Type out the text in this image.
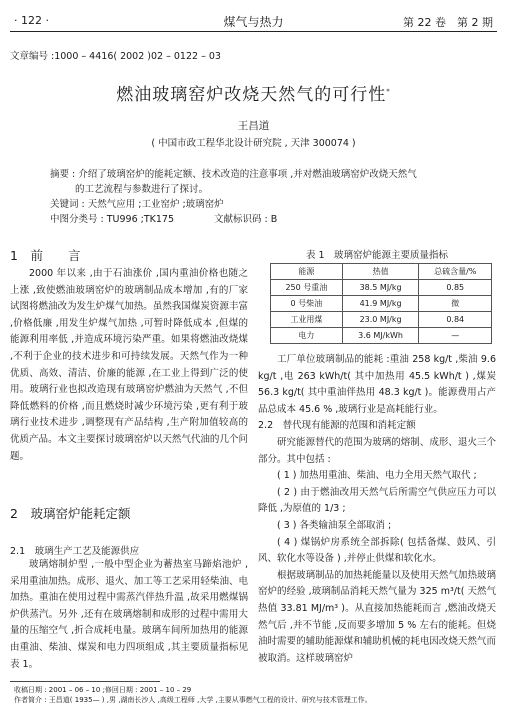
· 122 ·	煤气与热力	第 22 卷　第 2 期
文章编号 :1000 – 4416( 2002 )02 – 0122 – 03
燃油玻璃窑炉改烧天然气的可行性*
王昌道
( 中国市政工程华北设计研究院 , 天津 300074 )
摘要 : 介绍了玻璃窑炉的能耗定额、技术改造的注意事项 ,并对燃油玻璃窑炉改烧天然气
的工艺流程与参数进行了探讨。
关键词 : 天然气应用 ;工业窑炉 ;玻璃窑炉
中图分类号 : TU996 ;TK175	文献标识码 : B
1　前　　言

2000 年以来 ,由于石油涨价 ,国内重油价格也随之上涨 ,致使燃油玻璃窑炉的玻璃制品成本增加 ,有的厂家试图将燃油改为发生炉煤气加热。虽然我国煤炭资源丰富 ,价格低廉 ,用发生炉煤气加热 ,可暂时降低成本 ,但煤的能源利用率低 ,并造成环境污染严重。如果将燃油改烧煤 ,不利于企业的技术进步和可持续发展。天然气作为一种优质、高效、清洁、价廉的能源 ,在工业上得到广泛的使用。玻璃行业也拟改造现有玻璃窑炉燃油为天然气 ,不但降低燃料的价格 ,而且燃烧时减少环境污染 ,更有利于玻璃行业技术进步 ,调整现有产品结构 ,生产附加值较高的优质产品。本文主要探讨玻璃窑炉以天然气代油的几个问题。

2　玻璃窑炉能耗定额
2.1　玻璃生产工艺及能源供应

玻璃熔制炉型 ,一般中型企业为蓄热室马蹄焰池炉 ,采用重油加热。成形、退火、加工等工艺采用轻柴油、电加热。重油在使用过程中需蒸汽伴热升温 ,故采用燃煤锅炉供蒸汽。另外 ,还有在玻璃熔制和成形的过程中需用大量的压缩空气 ,折合成耗电量。玻璃车间所加热用的能源由重油、柴油、煤炭和电力四项组成 ,其主要质量指标见表 1。

表 1　玻璃窑炉能源主要质量指标
能源	热值	总硫含量/%
250 号重油	38.5 MJ/kg	0.85
0 号柴油	41.9 MJ/kg	微
工业用煤	23.0 MJ/kg	0.84
电力	3.6 MJ/kWh	—

工厂单位玻璃制品的能耗 :重油 258 kg/t ,柴油 9.6 kg/t ,电 263 kWh/t( 其中加热用 45.5 kWh/t ) ,煤炭 56.3 kg/t( 其中重油伴热用 48.3 kg/t )。能源费用占产品总成本 45.6 % ,玻璃行业是高耗能行业。

2.2　替代现有能源的范围和消耗定额

研究能源替代的范围为玻璃的熔制、成形、退火三个部分。其中包括 :

( 1 ) 加热用重油、柴油、电力全用天然气取代 ;

( 2 ) 由于燃油改用天然气后所需空气供应压力可以降低 ,为原值的 1/3 ;

( 3 ) 各类输油泵全部取消 ;

( 4 ) 煤锅炉房系统全部拆除( 包括备煤、鼓风、引风、软化水等设备 ) ,并停止供煤和软化水。

根据玻璃制品的加热耗能量以及使用天然气加热玻璃窑炉的经验 ,玻璃制品消耗天然气量为 325 m³/t( 天然气热值 33.81 MJ/m³ )。从直接加热能耗而言 ,燃油改烧天然气后 ,并不节能 ,反而要多增加 5 % 左右的能耗。但烧油时需要的辅助能源煤和辅助机械的耗电因改烧天然气而被取消。这样玻璃窑炉

收稿日期 : 2001 – 06 – 10 ;修回日期 : 2001 – 10 – 29
作者简介 : 王昌道( 1935— ) ,男 ,湖南长沙人 ,高级工程师 ,大学 ,主要从事燃气工程的设计、研究与技术管理工作。
